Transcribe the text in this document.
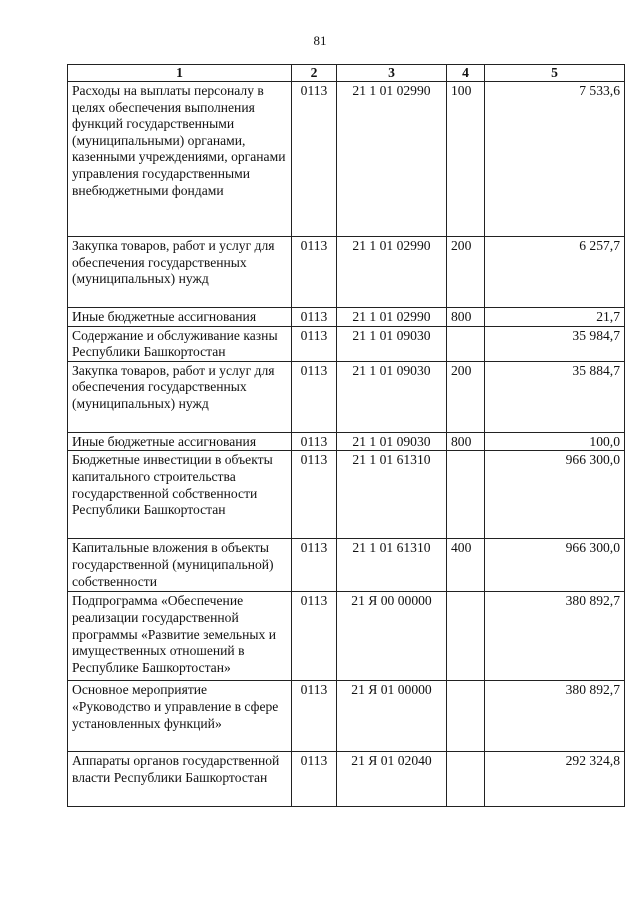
81
1	2	3	4	5
Расходы на выплаты персоналу в целях обеспечения выполнения функций государственными (муниципальными) органами, казенными учреждениями, органами управления государственными внебюджетными фондами	0113	21 1 01 02990	100	7 533,6
Закупка товаров, работ и услуг для обеспечения государственных (муниципальных) нужд	0113	21 1 01 02990	200	6 257,7
Иные бюджетные ассигнования	0113	21 1 01 02990	800	21,7
Содержание и обслуживание казны Республики Башкортостан	0113	21 1 01 09030		35 984,7
Закупка товаров, работ и услуг для обеспечения государственных (муниципальных) нужд	0113	21 1 01 09030	200	35 884,7
Иные бюджетные ассигнования	0113	21 1 01 09030	800	100,0
Бюджетные инвестиции в объекты капитального строительства государственной собственности Республики Башкортостан	0113	21 1 01 61310		966 300,0
Капитальные вложения в объекты государственной (муниципальной) собственности	0113	21 1 01 61310	400	966 300,0
Подпрограмма «Обеспечение реализации государственной программы «Развитие земельных и имущественных отношений в Республике Башкортостан»	0113	21 Я 00 00000		380 892,7
Основное мероприятие «Руководство и управление в сфере установленных функций»	0113	21 Я 01 00000		380 892,7
Аппараты органов государственной власти Республики Башкортостан	0113	21 Я 01 02040		292 324,8
